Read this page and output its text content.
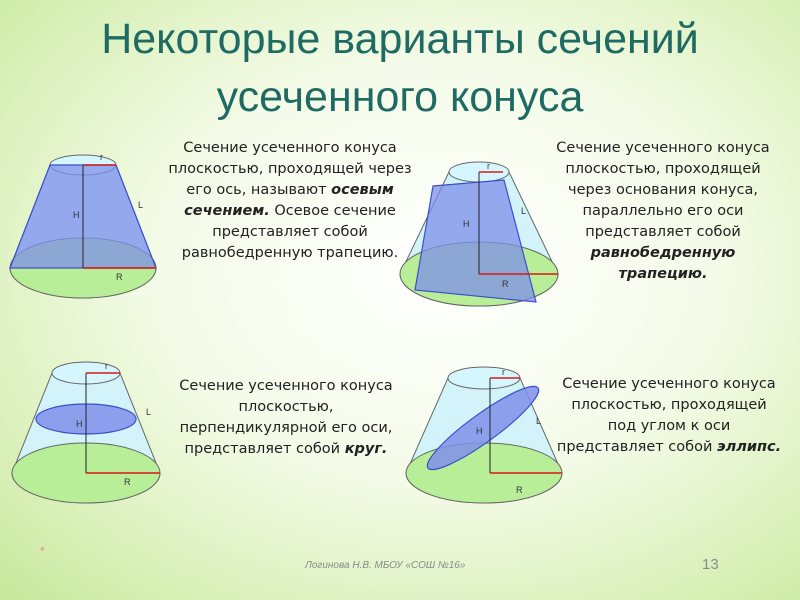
Некоторые варианты сечений
усеченного конуса
r
H
L
R
r
H
L
R
r
H
L
R
r
H
L
R
Сечение усеченного конуса плоскостью, проходящей через его ось, называют осевым сечением. Осевое сечение представляет собой равнобедренную трапецию.
Сечение усеченного конуса плоскостью, проходящей через основания конуса, параллельно его оси представляет собой равнобедренную трапецию.
Сечение усеченного конуса плоскостью, перпендикулярной его оси, представляет собой круг.
Сечение усеченного конуса плоскостью, проходящей под углом к оси представляет собой эллипс.
*
Логинова Н.В. МБОУ «СОШ №16»	13
